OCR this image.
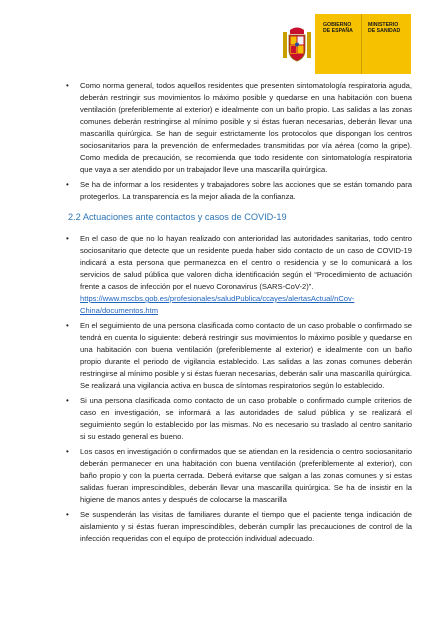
GOBIERNO
DE ESPAÑA
MINISTERIO
DE SANIDAD
• Como norma general, todos aquellos residentes que presenten sintomatología respiratoria aguda, deberán restringir sus movimientos lo máximo posible y quedarse en una habitación con buena ventilación (preferiblemente al exterior) e idealmente con un baño propio. Las salidas a las zonas comunes deberán restringirse al mínimo posible y si éstas fueran necesarias, deberán llevar una mascarilla quirúrgica. Se han de seguir estrictamente los protocolos que dispongan los centros sociosanitarios para la prevención de enfermedades transmitidas por vía aérea (como la gripe). Como medida de precaución, se recomienda que todo residente con sintomatología respiratoria que vaya a ser atendido por un trabajador lleve una mascarilla quirúrgica.
• Se ha de informar a los residentes y trabajadores sobre las acciones que se están tomando para protegerlos. La transparencia es la mejor aliada de la confianza.
2.2 Actuaciones ante contactos y casos de COVID-19
• En el caso de que no lo hayan realizado con anterioridad las autoridades sanitarias, todo centro sociosanitario que detecte que un residente pueda haber sido contacto de un caso de COVID-19 indicará a esta persona que permanezca en el centro o residencia y se lo comunicará a los servicios de salud pública que valoren dicha identificación según el “Procedimiento de actuación frente a casos de infección por el nuevo Coronavirus (SARS-CoV-2)”.
https://www.mscbs.gob.es/profesionales/saludPublica/ccayes/alertasActual/nCov-China/documentos.htm
• En el seguimiento de una persona clasificada como contacto de un caso probable o confirmado se tendrá en cuenta lo siguiente: deberá restringir sus movimientos lo máximo posible y quedarse en una habitación con buena ventilación (preferiblemente al exterior) e idealmente con un baño propio durante el periodo de vigilancia establecido. Las salidas a las zonas comunes deberán restringirse al mínimo posible y si éstas fueran necesarias, deberán salir una mascarilla quirúrgica. Se realizará una vigilancia activa en busca de síntomas respiratorios según lo establecido.
• Si una persona clasificada como contacto de un caso probable o confirmado cumple criterios de caso en investigación, se informará a las autoridades de salud pública y se realizará el seguimiento según lo establecido por las mismas. No es necesario su traslado al centro sanitario si su estado general es bueno.
• Los casos en investigación o confirmados que se atiendan en la residencia o centro sociosanitario deberán permanecer en una habitación con buena ventilación (preferiblemente al exterior), con baño propio y con la puerta cerrada. Deberá evitarse que salgan a las zonas comunes y si estas salidas fueran imprescindibles, deberán llevar una mascarilla quirúrgica. Se ha de insistir en la higiene de manos antes y después de colocarse la mascarilla
• Se suspenderán las visitas de familiares durante el tiempo que el paciente tenga indicación de aislamiento y si éstas fueran imprescindibles, deberán cumplir las precauciones de control de la infección requeridas con el equipo de protección individual adecuado.
